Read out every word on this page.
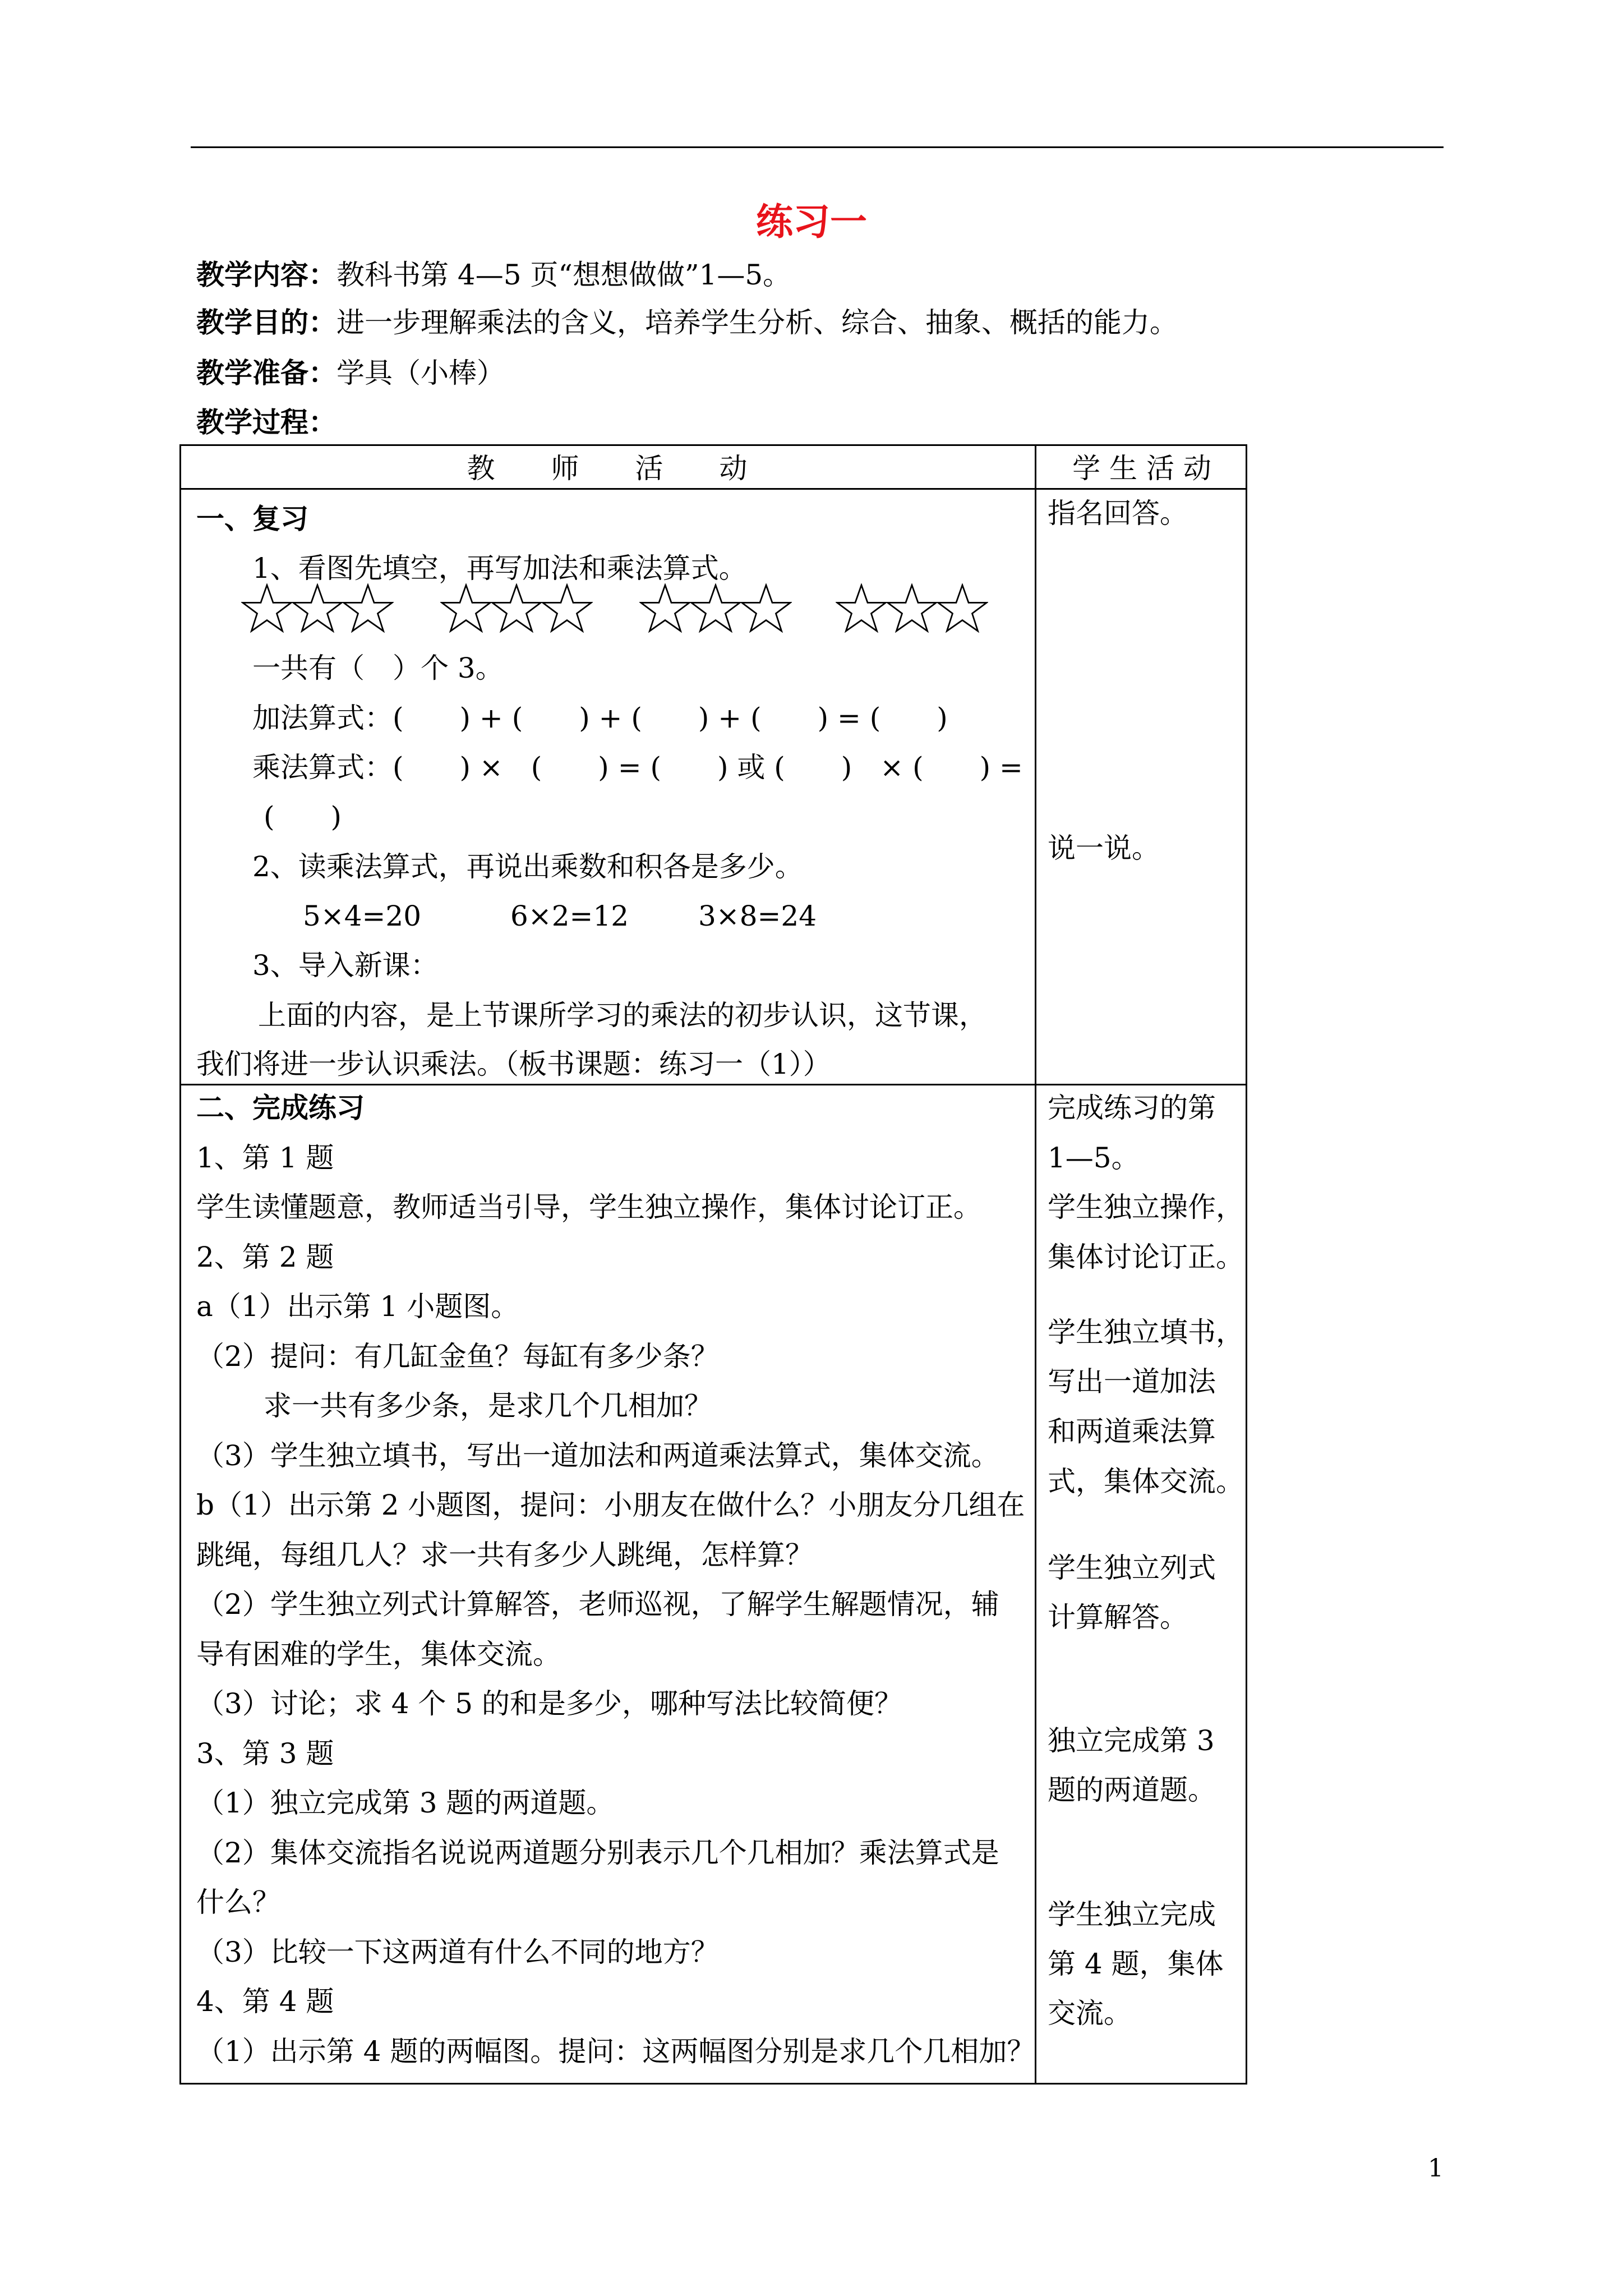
练习一
教学内容：教科书第 4—5 页“想想做做”1—5。
教学目的：进一步理解乘法的含义，培养学生分析、综合、抽象、概括的能力。
教学准备：学具（小棒）
教学过程：
教　　师　　活　　动	学 生 活 动
一、复习
1、看图先填空，再写加法和乘法算式。
一共有（　）个 3。
加法算式：(　　) + (　　) + (　　) + (　　) = (　　)
乘法算式：(　　) ×　(　　) = (　　) 或 (　　)　× (　　) =
(　　)
2、读乘法算式，再说出乘数和积各是多少。
5×4=20	6×2=12 3×8=24
3、导入新课：
上面的内容，是上节课所学习的乘法的初步认识，这节课，
我们将进一步认识乘法。（板书课题：练习一（1））
指名回答。
说一说。
二、完成练习
1、第 1 题
学生读懂题意，教师适当引导，学生独立操作，集体讨论订正。
2、第 2 题
a（1）出示第 1 小题图。
（2）提问：有几缸金鱼？每缸有多少条？
　求一共有多少条，是求几个几相加？
（3）学生独立填书，写出一道加法和两道乘法算式，集体交流。
b（1）出示第 2 小题图，提问：小朋友在做什么？小朋友分几组在
跳绳，每组几人？求一共有多少人跳绳，怎样算？
（2）学生独立列式计算解答，老师巡视，了解学生解题情况，辅
导有困难的学生，集体交流。
（3）讨论；求 4 个 5 的和是多少，哪种写法比较简便？
3、第 3 题
（1）独立完成第 3 题的两道题。
（2）集体交流指名说说两道题分别表示几个几相加？乘法算式是
什么？
（3）比较一下这两道有什么不同的地方？
4、第 4 题
（1）出示第 4 题的两幅图。提问：这两幅图分别是求几个几相加？
完成练习的第
1—5。
学生独立操作，
集体讨论订正。
学生独立填书，
写出一道加法
和两道乘法算
式，集体交流。
学生独立列式
计算解答。
独立完成第 3
题的两道题。
学生独立完成
第 4 题，集体
交流。
1
